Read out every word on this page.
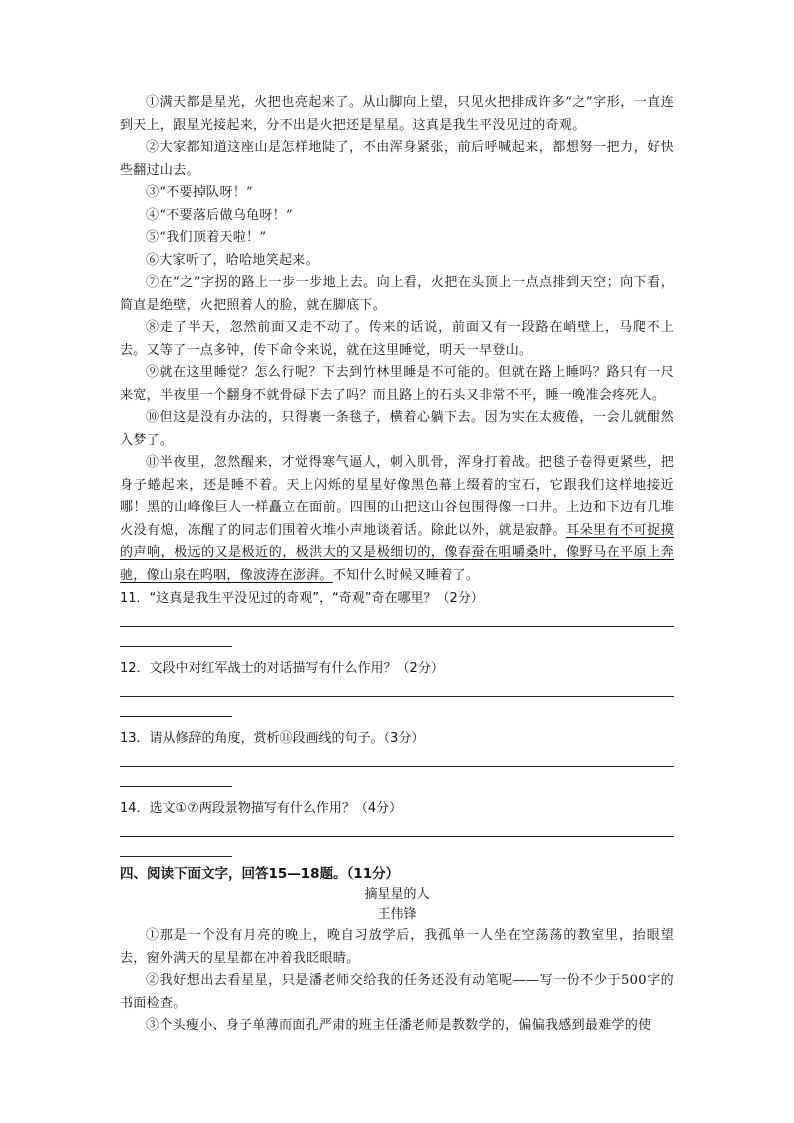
①满天都是星光，火把也亮起来了。从山脚向上望，只见火把排成许多“之”字形，一直连到天上，跟星光接起来，分不出是火把还是星星。这真是我生平没见过的奇观。

②大家都知道这座山是怎样地陡了，不由浑身紧张，前后呼喊起来，都想努一把力，好快些翻过山去。

③“不要掉队呀！”

④“不要落后做乌龟呀！”

⑤“我们顶着天啦！”

⑥大家听了，哈哈地笑起来。

⑦在“之”字拐的路上一步一步地上去。向上看，火把在头顶上一点点排到天空；向下看，简直是绝壁，火把照着人的脸，就在脚底下。

⑧走了半天，忽然前面又走不动了。传来的话说，前面又有一段路在峭壁上，马爬不上去。又等了一点多钟，传下命令来说，就在这里睡觉，明天一早登山。

⑨就在这里睡觉？怎么行呢？下去到竹林里睡是不可能的。但就在路上睡吗？路只有一尺来宽，半夜里一个翻身不就骨碌下去了吗？而且路上的石头又非常不平，睡一晚准会疼死人。

⑩但这是没有办法的，只得裹一条毯子，横着心躺下去。因为实在太疲倦，一会儿就酣然入梦了。

⑪半夜里，忽然醒来，才觉得寒气逼人，刺入肌骨，浑身打着战。把毯子卷得更紧些，把身子蜷起来，还是睡不着。天上闪烁的星星好像黑色幕上缀着的宝石，它跟我们这样地接近哪！黑的山峰像巨人一样矗立在面前。四围的山把这山谷包围得像一口井。上边和下边有几堆火没有熄，冻醒了的同志们围着火堆小声地谈着话。除此以外，就是寂静。耳朵里有不可捉摸的声响，极远的又是极近的，极洪大的又是极细切的，像春蚕在咀嚼桑叶，像野马在平原上奔驰，像山泉在呜咽，像波涛在澎湃。不知什么时候又睡着了。

11．“这真是我生平没见过的奇观”，“奇观”奇在哪里？（2分）

12．文段中对红军战士的对话描写有什么作用？（2分）

13．请从修辞的角度，赏析⑪段画线的句子。（3分）

14．选文①⑦两段景物描写有什么作用？（4分）

四、阅读下面文字，回答15—18题。（11分）

摘星星的人

王伟锋

①那是一个没有月亮的晚上，晚自习放学后，我孤单一人坐在空荡荡的教室里，抬眼望去，窗外满天的星星都在冲着我眨眼睛。

②我好想出去看星星，只是潘老师交给我的任务还没有动笔呢——写一份不少于500字的书面检查。

③个头瘦小、身子单薄而面孔严肃的班主任潘老师是教数学的，偏偏我感到最难学的使
